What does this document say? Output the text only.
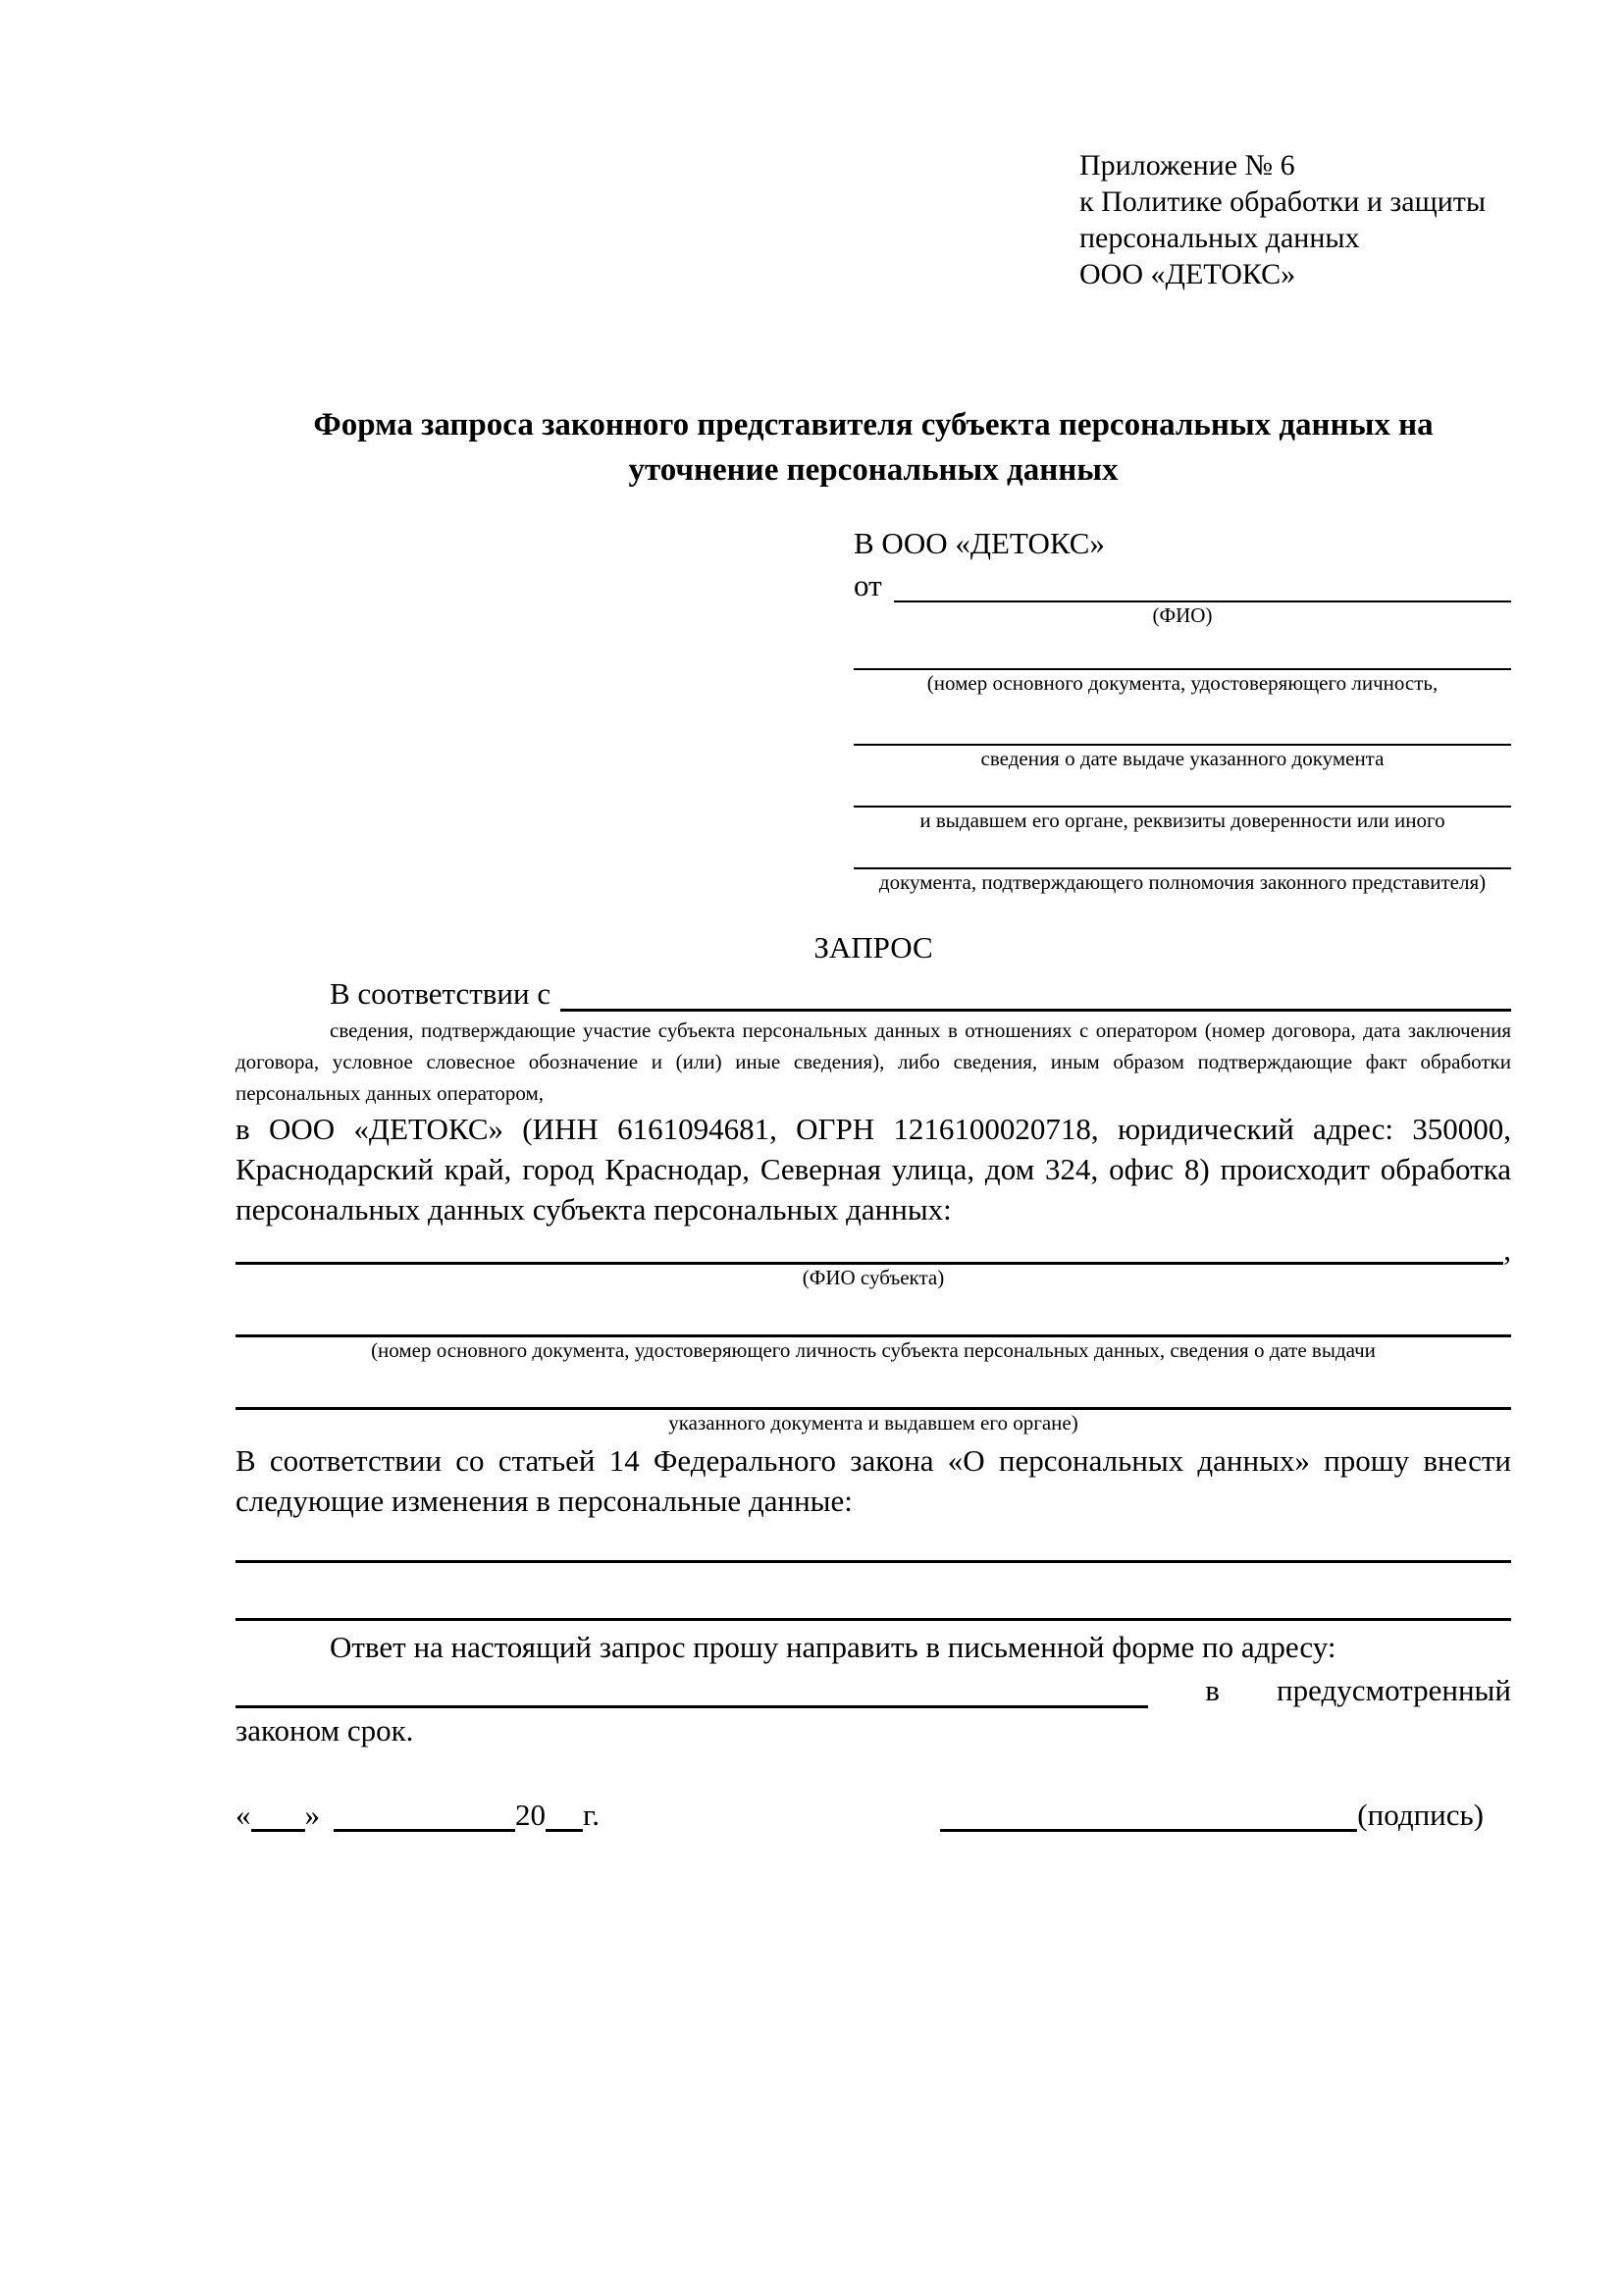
Приложение № 6
к Политике обработки и защиты
персональных данных
ООО «ДЕТОКС»
Форма запроса законного представителя субъекта персональных данных на уточнение персональных данных
В ООО «ДЕТОКС»
от
(ФИО)
(номер основного документа, удостоверяющего личность,
сведения о дате выдаче указанного документа
и выдавшем его органе, реквизиты доверенности или иного
документа, подтверждающего полномочия законного представителя)
ЗАПРОС
В соответствии с
сведения, подтверждающие участие субъекта персональных данных в отношениях с оператором (номер договора, дата заключения договора, условное словесное обозначение и (или) иные сведения), либо сведения, иным образом подтверждающие факт обработки персональных данных оператором,
в ООО «ДЕТОКС» (ИНН 6161094681, ОГРН 1216100020718, юридический адрес: 350000, Краснодарский край, город Краснодар, Северная улица, дом 324, офис 8) происходит обработка персональных данных субъекта персональных данных:
,
(ФИО субъекта)
(номер основного документа, удостоверяющего личность субъекта персональных данных, сведения о дате выдачи
указанного документа и выдавшем его органе)
В соответствии со статьей 14 Федерального закона «О персональных данных» прошу внести следующие изменения в персональные данные:
Ответ на настоящий запрос прошу направить в письменной форме по адресу:
в предусмотренный
законом срок.
« »	20 г.	(подпись)
